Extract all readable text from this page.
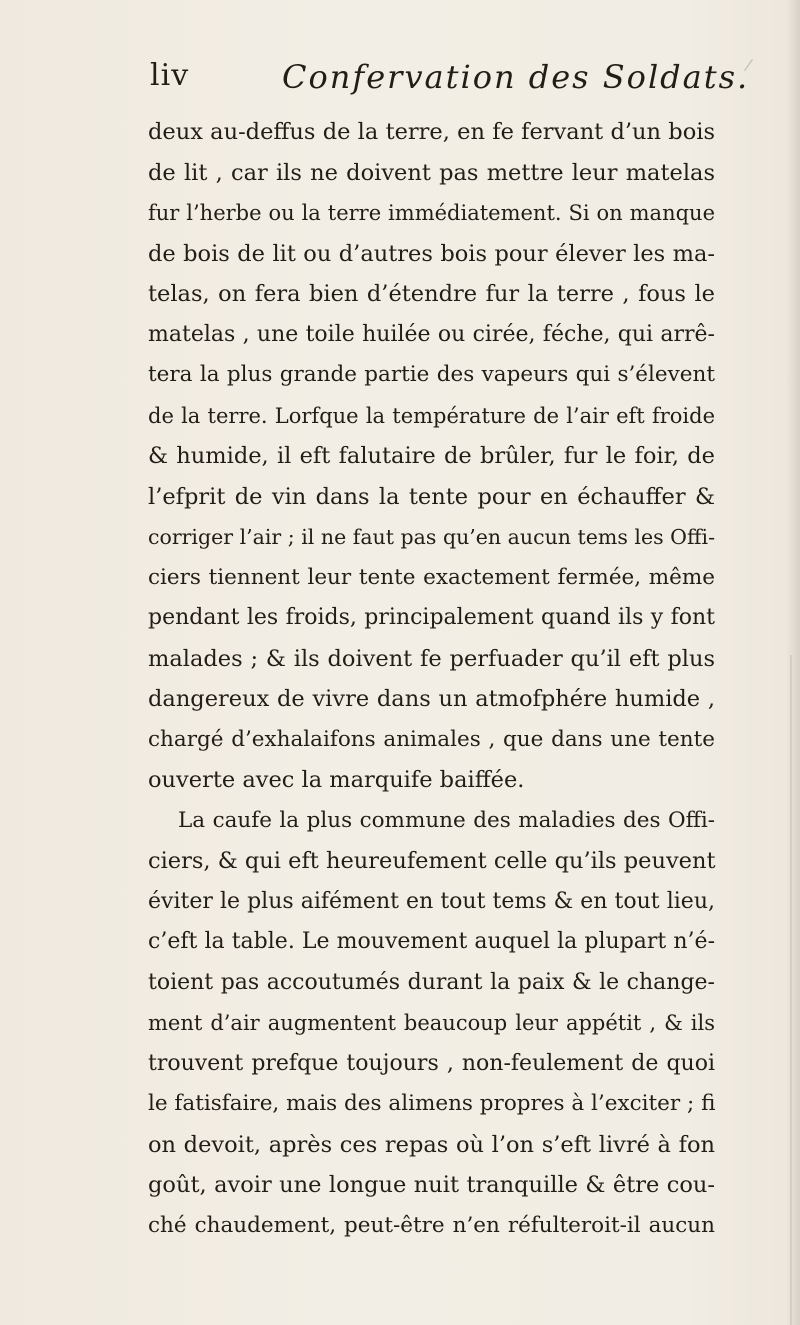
liv	Confervation des Soldats.
deux au-deffus de la terre, en fe fervant d’un bois
de lit , car ils ne doivent pas mettre leur matelas
fur l’herbe ou la terre immédiatement. Si on manque
de bois de lit ou d’autres bois pour élever les ma-
telas, on fera bien d’étendre fur la terre , fous le
matelas , une toile huilée ou cirée, féche, qui arrê-
tera la plus grande partie des vapeurs qui s’élevent
de la terre. Lorfque la température de l’air eft froide
& humide, il eft falutaire de brûler, fur le foir, de
l’efprit de vin dans la tente pour en échauffer &
corriger l’air ; il ne faut pas qu’en aucun tems les Offi-
ciers tiennent leur tente exactement fermée, même
pendant les froids, principalement quand ils y font
malades ; & ils doivent fe perfuader qu’il eft plus
dangereux de vivre dans un atmofphére humide ,
chargé d’exhalaifons animales , que dans une tente
ouverte avec la marquife baiffée.
La caufe la plus commune des maladies des Offi-
ciers, & qui eft heureufement celle qu’ils peuvent
éviter le plus aifément en tout tems & en tout lieu,
c’eft la table. Le mouvement auquel la plupart n’é-
toient pas accoutumés durant la paix & le change-
ment d’air augmentent beaucoup leur appétit , & ils
trouvent prefque toujours , non-feulement de quoi
le fatisfaire, mais des alimens propres à l’exciter ; fi
on devoit, après ces repas où l’on s’eft livré à fon
goût, avoir une longue nuit tranquille & être cou-
ché chaudement, peut-être n’en réfulteroit-il aucun
